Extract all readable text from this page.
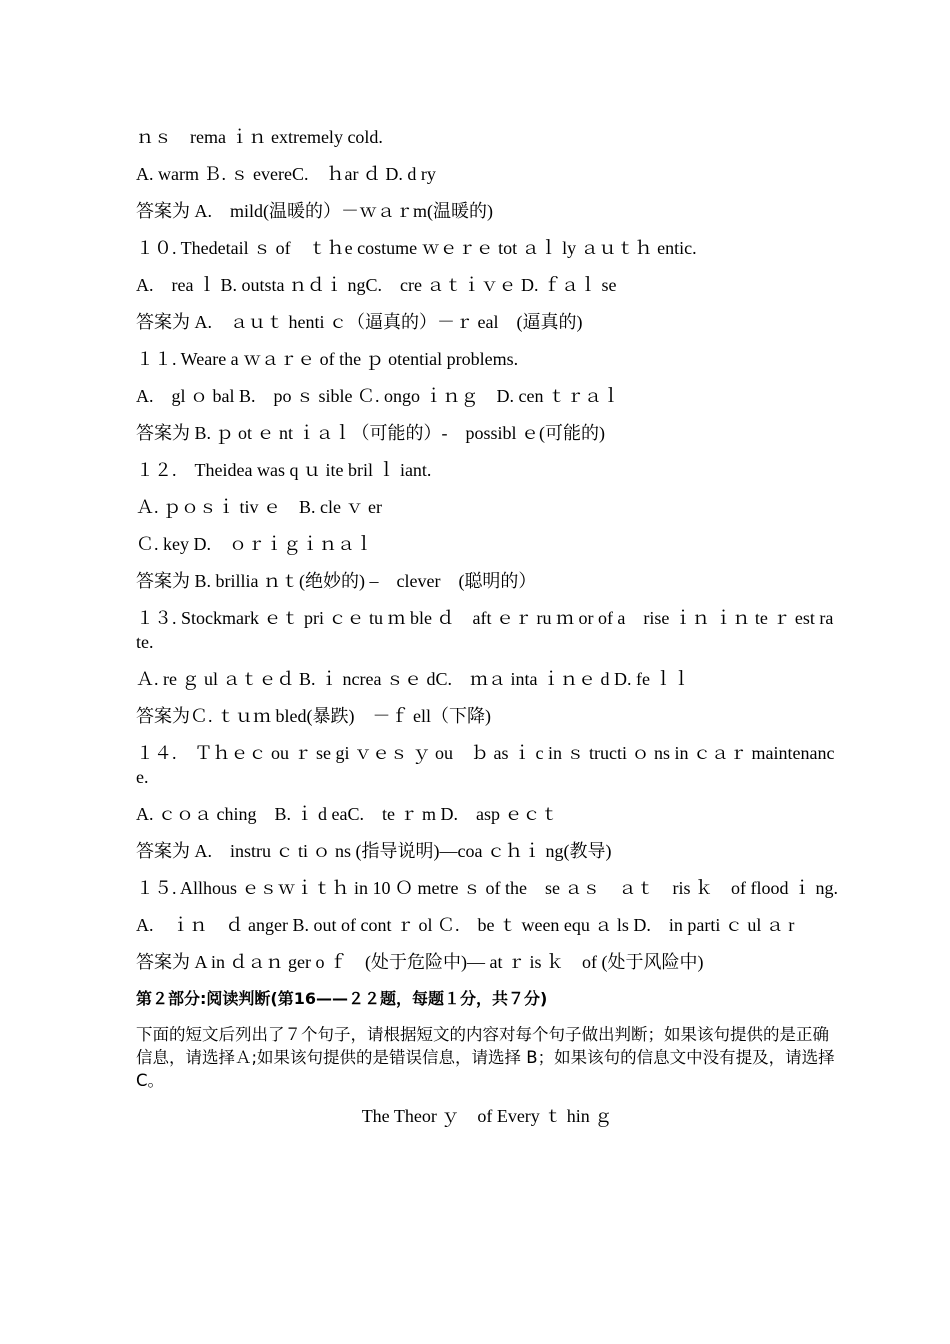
ｎｓ　rema ｉｎ extremely cold.

A. warm Ｂ. ｓ evereC.　ｈar ｄ D. d ry

答案为 A.　mild(温暖的）－ｗａｒm(温暖的)

１０. Thedetail ｓ of　ｔｈe costume ｗｅｒｅ tot ａｌ ly ａｕｔｈ entic.

A.　rea ｌ B. outsta ｎｄｉ ngC.　cre ａｔｉｖｅ D. ｆａｌ se

答案为 A.　ａｕｔ henti ｃ（逼真的）－ｒ eal　(逼真的)

１１. Weare a ｗａｒｅ of the ｐ otential problems.

A.　gl ｏ bal B.　po ｓ sible Ｃ. ongo ｉｎｇ　D. cen ｔｒａｌ

答案为 B. ｐ ot ｅ nt ｉａｌ（可能的）-　possibl ｅ(可能的)

１２.　Theidea was q ｕ ite bril ｌ iant.

Ａ. ｐｏｓｉ tiv ｅ　B. cle ｖ er

Ｃ. key D.　ｏｒｉｇｉｎａｌ

答案为 B. brillia ｎｔ(绝妙的) –　clever　(聪明的）

１３. Stockmark ｅｔ pri ｃｅ tu ｍ ble ｄ　aft ｅｒ ru ｍ or of a　rise ｉｎ ｉｎ te ｒ est rate.

Ａ. re ｇ ul ａｔｅｄ B. ｉ ncrea ｓｅ dC.　ｍａ inta ｉｎｅ d D. fe ｌｌ

答案为Ｃ. ｔｕｍ bled(暴跌)　－ｆ ell（下降)

１４.　Ｔｈｅｃ ou ｒ se gi ｖｅｓ ｙ ou　ｂ as ｉ c in ｓ tructi ｏ ns in ｃａｒ maintenance.

A. ｃｏａ ching　B. ｉ d eaC.　te ｒ m D.　asp ｅｃｔ

答案为 A.　instru ｃ ti ｏ ns (指导说明)—coa ｃｈｉ ng(教导)

１５. Allhous ｅｓｗｉｔｈ in 10 Ｏ metre ｓ of the　se ａｓ　ａｔ　ris ｋ　of flood ｉ ng.

A.　ｉｎ　ｄ anger B. out of cont ｒ ol Ｃ.　be ｔ ween equ ａ ls D.　in parti ｃ ul ａ r

答案为 A in ｄａｎ ger o ｆ　(处于危险中)— at ｒ is ｋ　of (处于风险中)

第２部分:阅读判断(第16——２２题，每题１分，共７分)

下面的短文后列出了７个句子，请根据短文的内容对每个句子做出判断；如果该句提供的是正确信息，请选择Ａ;如果该句提供的是错误信息，请选择 B；如果该句的信息文中没有提及，请选择 C。

The Theor ｙ　of Every ｔ hin ｇ
